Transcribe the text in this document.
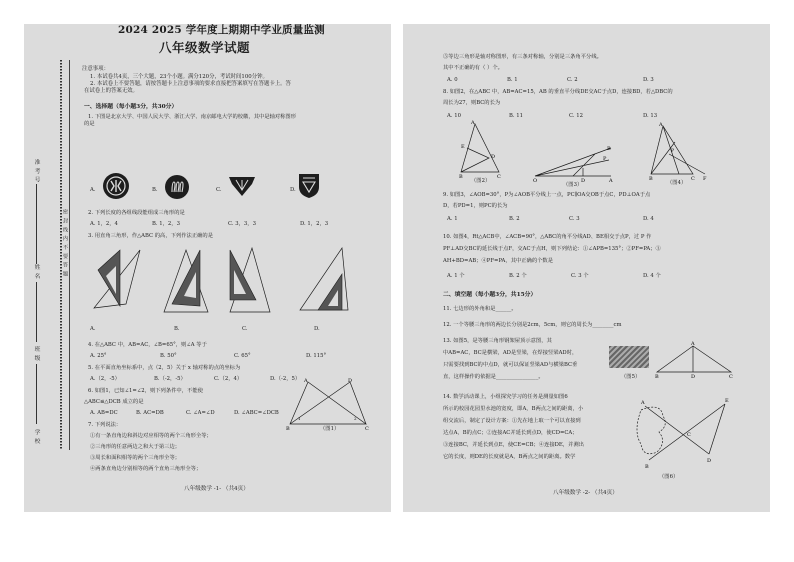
准考号
姓名
班级
学校
密 封 线 内 不 要 答 题
2024 2025 学年度上期期中学业质量监测
八年级数学试题
注意事项：
1. 本试卷共4页，三个大题，23个小题。满分120分，考试时间100分钟。
2. 本试卷上不要答题，请按答题卡上注意事项的要求直接把答案填写在答题卡上。答
在试卷上的答案无效。
一、选择题（每小题3分，共30分）
1. 下图是北京大学、中国人民大学、浙江大学、南京邮电大学的校徽，其中是轴对称图形
的是
A.	B.	C.	D.
2. 下列长度的各组线段能组成三角形的是
A. 1，2，4	B. 1，2，3	C. 3，3，3	D. 1，2，3
3. 用直角三角形，作△ABC 的高，下列作法正确的是
A.	B.	C.	D.
4. 在△ABC 中，AB=AC，∠B=65°，则∠A 等于
A. 25°	B. 50°	C. 65°	D. 115°
5. 在平面直角坐标系中，点（2，5）关于 x 轴对称的点的坐标为
A.（2，-5）	B.（-2，-5）	C.（2，4）	D.（-2，5）
6. 如图1，已知∠1=∠2，则下列条件中，不能使
△ABC≌△DCB 成立的是
A. AB=DC	B. AC=DB	C. ∠A=∠D	D. ∠ABC=∠DCB
A	D
B	C
1	2
（图1）
7. 下列说法：
①有一条直角边和斜边对应相等的两个三角形全等；
②三角形的任意两边之和大于第三边；
③周长和面积相等的两个三角形全等；
④两条直角边分别相等的两个直角三角形全等；
八年级数学 -1- （共4页）
⑤等边三角形是轴对称图形，有三条对称轴，分别是三条角平分线。
其中不正确的有（ ）个。
A. 0	B. 1	C. 2	D. 3
8. 如图2，在△ABC 中，AB=AC=15，AB 的垂直平分线DE交AC于点D，连接BD，若△DBC的
周长为27，则BC的长为
A. 10	B. 11	C. 12	D. 13
A
B	C
E
D
O	A
B
P
D
A
B	C F
P
（图2）
（图3）	（图4）
9. 如图3，∠AOB=30°，P为∠AOB平分线上一点，PC∥OA交OB于点C，PD⊥OA于点
D，若PD=1，则PC的长为
A. 1	B. 2	C. 3	D. 4
10. 如图4，Rt△ACB中，∠ACB=90°，△ABC的角平分线AD、BE相交于点P，过 P 作
PF⊥AD交BC的延长线于点F，交AC于点H，则下列结论：①∠APB=135°；②PF=PA；③
AH+BD=AB；④PF=PA，其中正确的个数是
A. 1 个	B. 2 个	C. 3 个	D. 4 个
二、填空题（每小题3分，共15分）
11. 七边形的外角和是______。
12. 一个等腰三角形的两边长分别是2cm，5cm，则它的周长为________cm
13. 如图5，是等腰三角形钢架屋顶示意图，其
中AB=AC，BC是横梁，AD是竖梁，在焊接竖梁AD时，
只需要找到BC的中点D，就可以保证竖梁AD与横梁BC垂
直，这样操作的依据是________________。
A
B	D	C
（图5）
14. 数学活动课上，小组探究学习的任务是测量如图6
所示的校园花园里水池的宽度，即A，B两点之间的距离，小
组交流后，制定了设计方案：①先在地上取一个可以直接到
达点A，B的点C；②连接AC并延长到点D，使CD=CA；
③连接BC，并延长到点E，使CE=CB；④连接DE，并测出
它的长度，则DE的长度就是A，B两点之间的距离。数学
A
B
C
D
E
（图6）
八年级数学 -2- （共4页）
